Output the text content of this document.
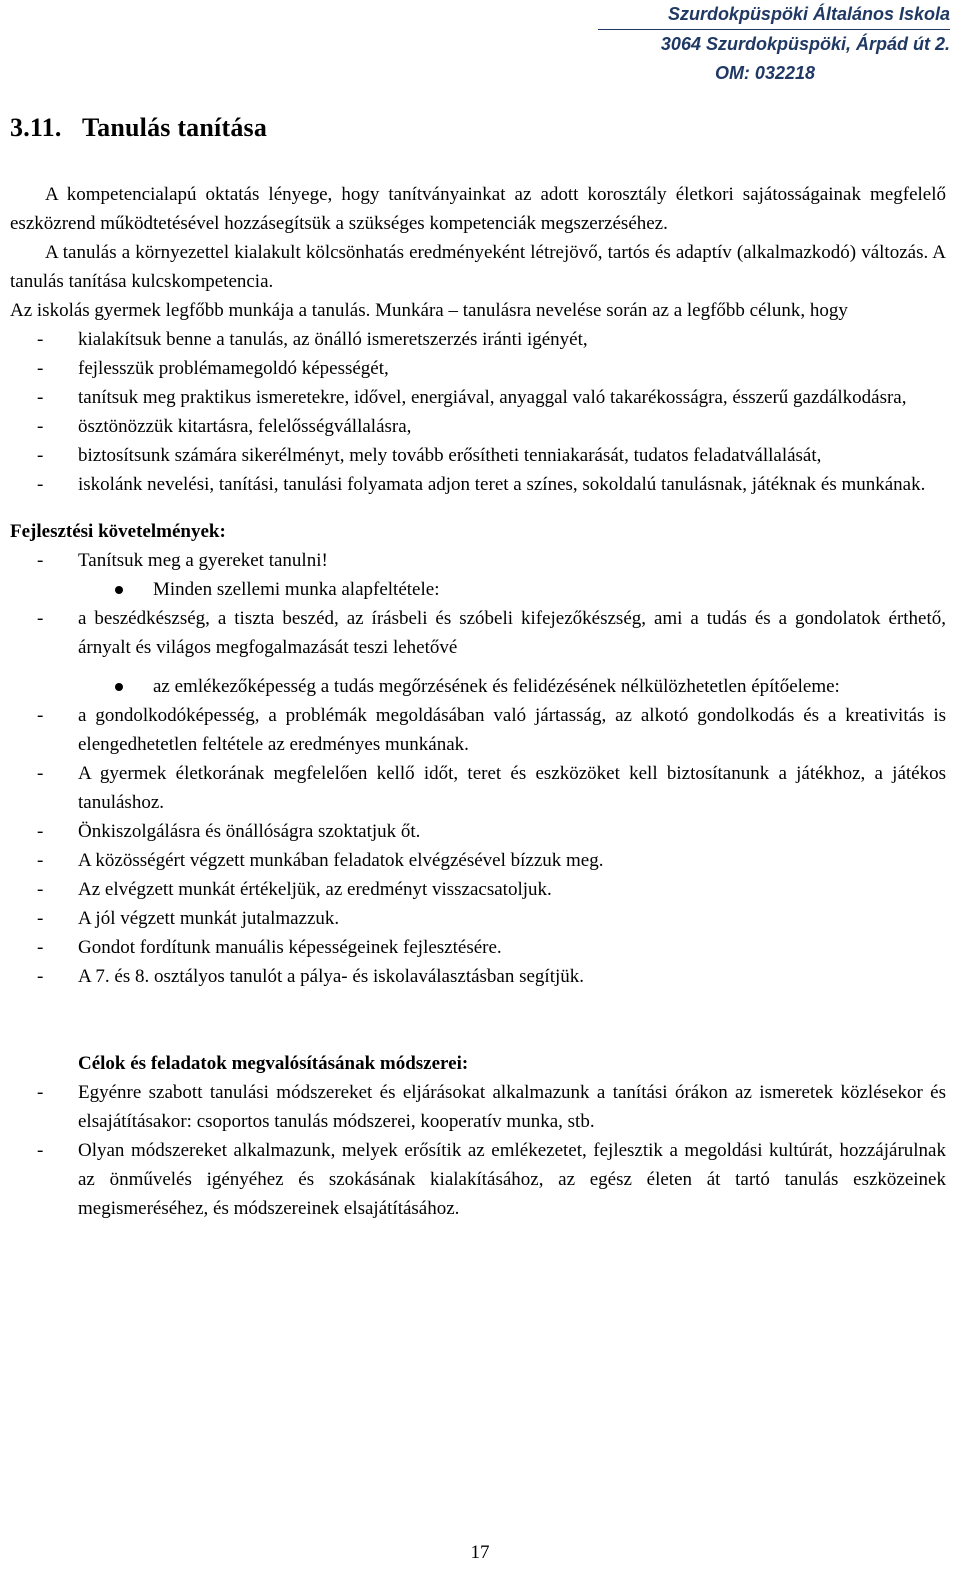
Szurdokpüspöki Általános Iskola
3064 Szurdokpüspöki, Árpád út 2.
OM: 032218
3.11. Tanulás tanítása

A kompetencialapú oktatás lényege, hogy tanítványainkat az adott korosztály életkori sajátosságainak megfelelő eszközrend működtetésével hozzásegítsük a szükséges kompetenciák megszerzéséhez.

A tanulás a környezettel kialakult kölcsönhatás eredményeként létrejövő, tartós és adaptív (alkalmazkodó) változás. A tanulás tanítása kulcskompetencia.

Az iskolás gyermek legfőbb munkája a tanulás. Munkára – tanulásra nevelése során az a legfőbb célunk, hogy

- kialakítsuk benne a tanulás, az önálló ismeretszerzés iránti igényét,

- fejlesszük problémamegoldó képességét,

- tanítsuk meg praktikus ismeretekre, idővel, energiával, anyaggal való takarékosságra, ésszerű gazdálkodásra,

- ösztönözzük kitartásra, felelősségvállalásra,

- biztosítsunk számára sikerélményt, mely tovább erősítheti tenniakarását, tudatos feladatvállalását,

- iskolánk nevelési, tanítási, tanulási folyamata adjon teret a színes, sokoldalú tanulásnak, játéknak és munkának.

Fejlesztési követelmények:

- Tanítsuk meg a gyereket tanulni!

Minden szellemi munka alapfeltétele:

- a beszédkészség, a tiszta beszéd, az írásbeli és szóbeli kifejezőkészség, ami a tudás és a gondolatok érthető, árnyalt és világos megfogalmazását teszi lehetővé

az emlékezőképesség a tudás megőrzésének és felidézésének nélkülözhetetlen építőeleme:

- a gondolkodóképesség, a problémák megoldásában való jártasság, az alkotó gondolkodás és a kreativitás is elengedhetetlen feltétele az eredményes munkának.

- A gyermek életkorának megfelelően kellő időt, teret és eszközöket kell biztosítanunk a játékhoz, a játékos tanuláshoz.

- Önkiszolgálásra és önállóságra szoktatjuk őt.

- A közösségért végzett munkában feladatok elvégzésével bízzuk meg.

- Az elvégzett munkát értékeljük, az eredményt visszacsatoljuk.

- A jól végzett munkát jutalmazzuk.

- Gondot fordítunk manuális képességeinek fejlesztésére.

- A 7. és 8. osztályos tanulót a pálya- és iskolaválasztásban segítjük.

Célok és feladatok megvalósításának módszerei:

- Egyénre szabott tanulási módszereket és eljárásokat alkalmazunk a tanítási órákon az ismeretek közlésekor és elsajátításakor: csoportos tanulás módszerei, kooperatív munka, stb.

- Olyan módszereket alkalmazunk, melyek erősítik az emlékezetet, fejlesztik a megoldási kultúrát, hozzájárulnak az önművelés igényéhez és szokásának kialakításához, az egész életen át tartó tanulás eszközeinek megismeréséhez, és módszereinek elsajátításához.

17
